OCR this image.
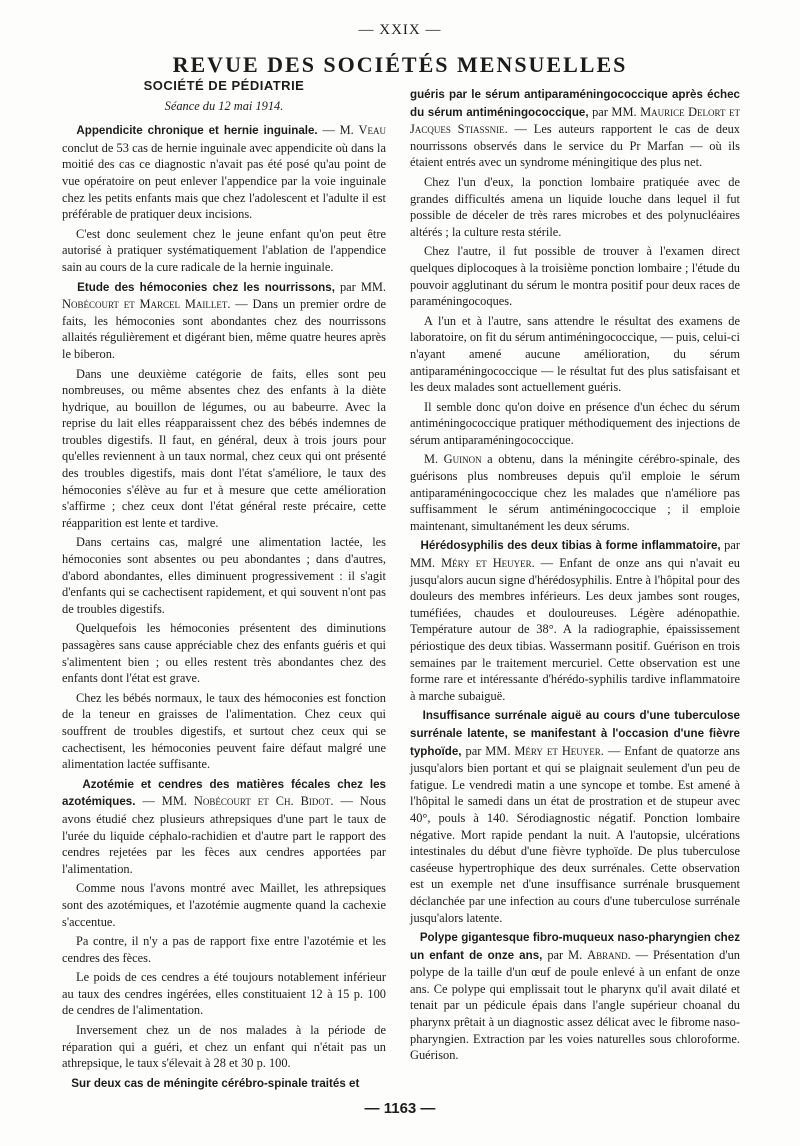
— XXIX —
REVUE DES SOCIÉTÉS MENSUELLES
SOCIÉTÉ DE PÉDIATRIE
Séance du 12 mai 1914.

Appendicite chronique et hernie inguinale. — M. Veau conclut de 53 cas de hernie inguinale avec appendicite où dans la moitié des cas ce diagnostic n'avait pas été posé qu'au point de vue opératoire on peut enlever l'appendice par la voie inguinale chez les petits enfants mais que chez l'adolescent et l'adulte il est préférable de pratiquer deux incisions.

C'est donc seulement chez le jeune enfant qu'on peut être autorisé à pratiquer systématiquement l'ablation de l'appendice sain au cours de la cure radicale de la hernie inguinale.

Etude des hémoconies chez les nourrissons, par MM. Nobécourt et Marcel Maillet. — Dans un premier ordre de faits, les hémoconies sont abondantes chez des nourrissons allaités régulièrement et digérant bien, même quatre heures après le biberon.

Dans une deuxième catégorie de faits, elles sont peu nombreuses, ou même absentes chez des enfants à la diète hydrique, au bouillon de légumes, ou au babeurre. Avec la reprise du lait elles réapparaissent chez des bébés indemnes de troubles digestifs. Il faut, en général, deux à trois jours pour qu'elles reviennent à un taux normal, chez ceux qui ont présenté des troubles digestifs, mais dont l'état s'améliore, le taux des hémoconies s'élève au fur et à mesure que cette amélioration s'affirme ; chez ceux dont l'état général reste précaire, cette réapparition est lente et tardive.

Dans certains cas, malgré une alimentation lactée, les hémoconies sont absentes ou peu abondantes ; dans d'autres, d'abord abondantes, elles diminuent progressivement : il s'agit d'enfants qui se cachectisent rapidement, et qui souvent n'ont pas de troubles digestifs.

Quelquefois les hémoconies présentent des diminutions passagères sans cause appréciable chez des enfants guéris et qui s'alimentent bien ; ou elles restent très abondantes chez des enfants dont l'état est grave.

Chez les bébés normaux, le taux des hémoconies est fonction de la teneur en graisses de l'alimentation. Chez ceux qui souffrent de troubles digestifs, et surtout chez ceux qui se cachectisent, les hémoconies peuvent faire défaut malgré une alimentation lactée suffisante.

Azotémie et cendres des matières fécales chez les azotémiques. — MM. Nobécourt et Ch. Bidot. — Nous avons étudié chez plusieurs athrepsiques d'une part le taux de l'urée du liquide céphalo-rachidien et d'autre part le rapport des cendres rejetées par les fèces aux cendres apportées par l'alimentation.

Comme nous l'avons montré avec Maillet, les athrepsiques sont des azotémiques, et l'azotémie augmente quand la cachexie s'accentue.

Pa contre, il n'y a pas de rapport fixe entre l'azotémie et les cendres des fèces.

Le poids de ces cendres a été toujours notablement inférieur au taux des cendres ingérées, elles constituaient 12 à 15 p. 100 de cendres de l'alimentation.

Inversement chez un de nos malades à la période de réparation qui a guéri, et chez un enfant qui n'était pas un athrepsique, le taux s'élevait à 28 et 30 p. 100.

Sur deux cas de méningite cérébro-spinale traités et

guéris par le sérum antiparaméningococcique après échec du sérum antiméningococcique, par MM. Maurice Delort et Jacques Stiassnie. — Les auteurs rapportent le cas de deux nourrissons observés dans le service du Pr Marfan — où ils étaient entrés avec un syndrome méningitique des plus net.

Chez l'un d'eux, la ponction lombaire pratiquée avec de grandes difficultés amena un liquide louche dans lequel il fut possible de déceler de très rares microbes et des polynucléaires altérés ; la culture resta stérile.

Chez l'autre, il fut possible de trouver à l'examen direct quelques diplocoques à la troisième ponction lombaire ; l'étude du pouvoir agglutinant du sérum le montra positif pour deux races de paraméningocoques.

A l'un et à l'autre, sans attendre le résultat des examens de laboratoire, on fit du sérum antiméningococcique, — puis, celui-ci n'ayant amené aucune amélioration, du sérum antiparaméningococcique — le résultat fut des plus satisfaisant et les deux malades sont actuellement guéris.

Il semble donc qu'on doive en présence d'un échec du sérum antiméningococcique pratiquer méthodiquement des injections de sérum antiparaméningococcique.

M. Guinon a obtenu, dans la méningite cérébro-spinale, des guérisons plus nombreuses depuis qu'il emploie le sérum antiparaméningococcique chez les malades que n'améliore pas suffisamment le sérum antiméningococcique ; il emploie maintenant, simultanément les deux sérums.

Hérédosyphilis des deux tibias à forme inflammatoire, par MM. Méry et Heuyer. — Enfant de onze ans qui n'avait eu jusqu'alors aucun signe d'hérédosyphilis. Entre à l'hôpital pour des douleurs des membres inférieurs. Les deux jambes sont rouges, tuméfiées, chaudes et douloureuses. Légère adénopathie. Température autour de 38°. A la radiographie, épaississement périostique des deux tibias. Wassermann positif. Guérison en trois semaines par le traitement mercuriel. Cette observation est une forme rare et intéressante d'hérédo-syphilis tardive inflammatoire à marche subaiguë.

Insuffisance surrénale aiguë au cours d'une tuberculose surrénale latente, se manifestant à l'occasion d'une fièvre typhoïde, par MM. Méry et Heuyer. — Enfant de quatorze ans jusqu'alors bien portant et qui se plaignait seulement d'un peu de fatigue. Le vendredi matin a une syncope et tombe. Est amené à l'hôpital le samedi dans un état de prostration et de stupeur avec 40°, pouls à 140. Sérodiagnostic négatif. Ponction lombaire négative. Mort rapide pendant la nuit. A l'autopsie, ulcérations intestinales du début d'une fièvre typhoïde. De plus tuberculose caséeuse hypertrophique des deux surrénales. Cette observation est un exemple net d'une insuffisance surrénale brusquement déclanchée par une infection au cours d'une tuberculose surrénale jusqu'alors latente.

Polype gigantesque fibro-muqueux naso-pharyngien chez un enfant de onze ans, par M. Abrand. — Présentation d'un polype de la taille d'un œuf de poule enlevé à un enfant de onze ans. Ce polype qui emplissait tout le pharynx qu'il avait dilaté et tenait par un pédicule épais dans l'angle supérieur choanal du pharynx prêtait à un diagnostic assez délicat avec le fibrome naso-pharyngien. Extraction par les voies naturelles sous chloroforme. Guérison.

— 1163 —
